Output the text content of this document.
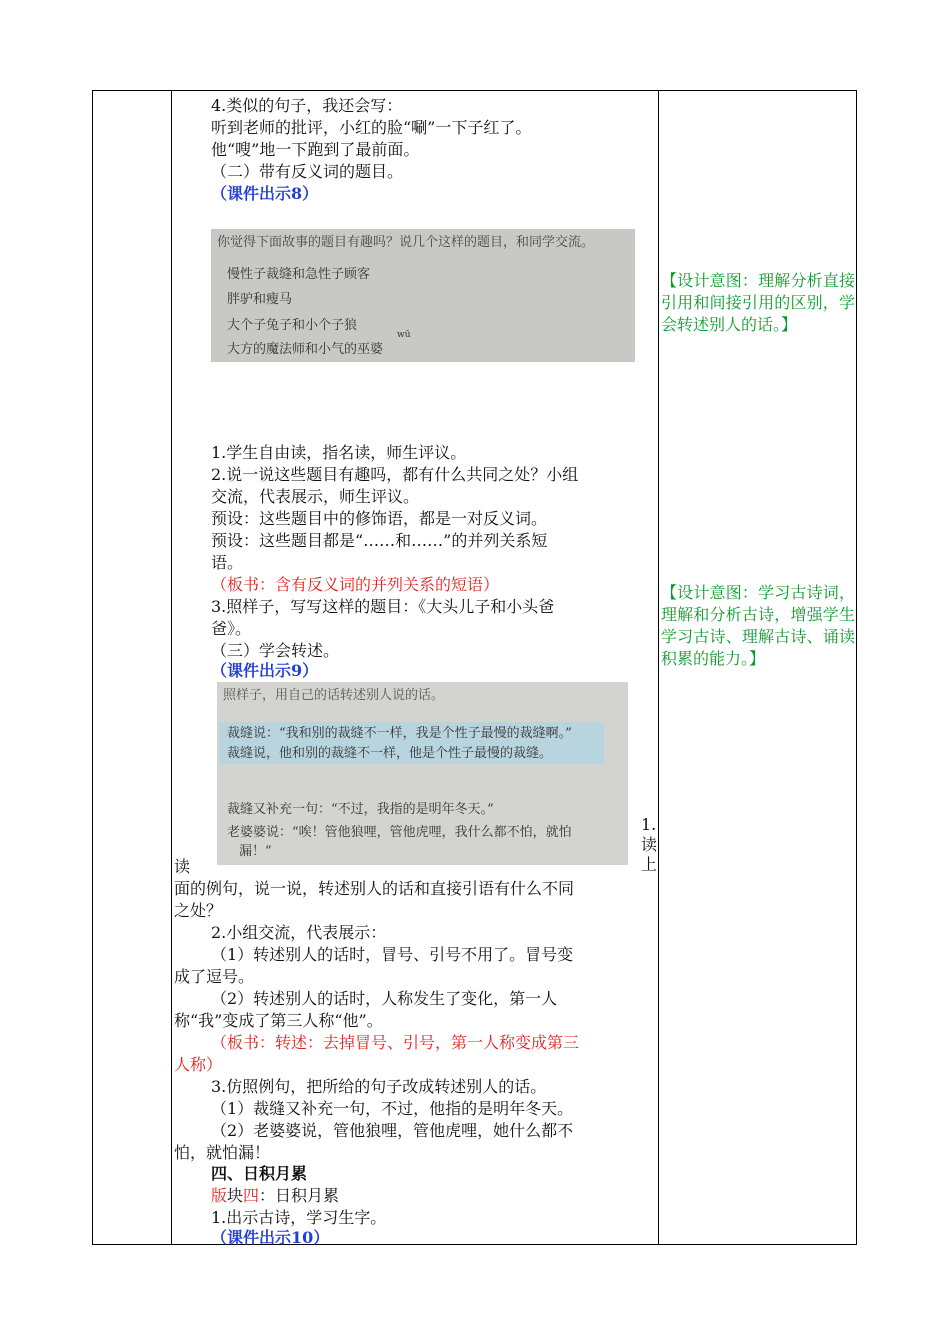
4.类似的句子，我还会写：
听到老师的批评，小红的脸“唰”一下子红了。
他“嗖”地一下跑到了最前面。
（二）带有反义词的题目。
（课件出示8）
你觉得下面故事的题目有趣吗？说几个这样的题目，和同学交流。
慢性子裁缝和急性子顾客
胖驴和瘦马
大个子兔子和小个子狼
wū
大方的魔法师和小气的巫婆
1.学生自由读，指名读，师生评议。
2.说一说这些题目有趣吗，都有什么共同之处？小组
交流，代表展示，师生评议。
预设：这些题目中的修饰语，都是一对反义词。
预设：这些题目都是“……和……”的并列关系短
语。
（板书：含有反义词的并列关系的短语）
3.照样子，写写这样的题目：《大头儿子和小头爸
爸》。
（三）学会转述。
（课件出示9）
照样子，用自己的话转述别人说的话。
裁缝说：“我和别的裁缝不一样，我是个性子最慢的裁缝啊。”
裁缝说，他和别的裁缝不一样，他是个性子最慢的裁缝。
裁缝又补充一句：“不过，我指的是明年冬天。”
老婆婆说：“唉！管他狼哩，管他虎哩，我什么都不怕，就怕
漏！”
1.
读
上
读
面的例句，说一说，转述别人的话和直接引语有什么不同
之处？
2.小组交流，代表展示：
（1）转述别人的话时，冒号、引号不用了。冒号变
成了逗号。
（2）转述别人的话时，人称发生了变化，第一人
称“我”变成了第三人称“他”。
（板书：转述：去掉冒号、引号，第一人称变成第三
人称）
3.仿照例句，把所给的句子改成转述别人的话。
（1）裁缝又补充一句，不过，他指的是明年冬天。
（2）老婆婆说，管他狼哩，管他虎哩，她什么都不
怕，就怕漏！
四、日积月累
版块四：日积月累
1.出示古诗，学习生字。
（课件出示10）
【设计意图：理解分析直接引用和间接引用的区别，学会转述别人的话。】
【设计意图：学习古诗词，理解和分析古诗，增强学生学习古诗、理解古诗、诵读积累的能力。】
